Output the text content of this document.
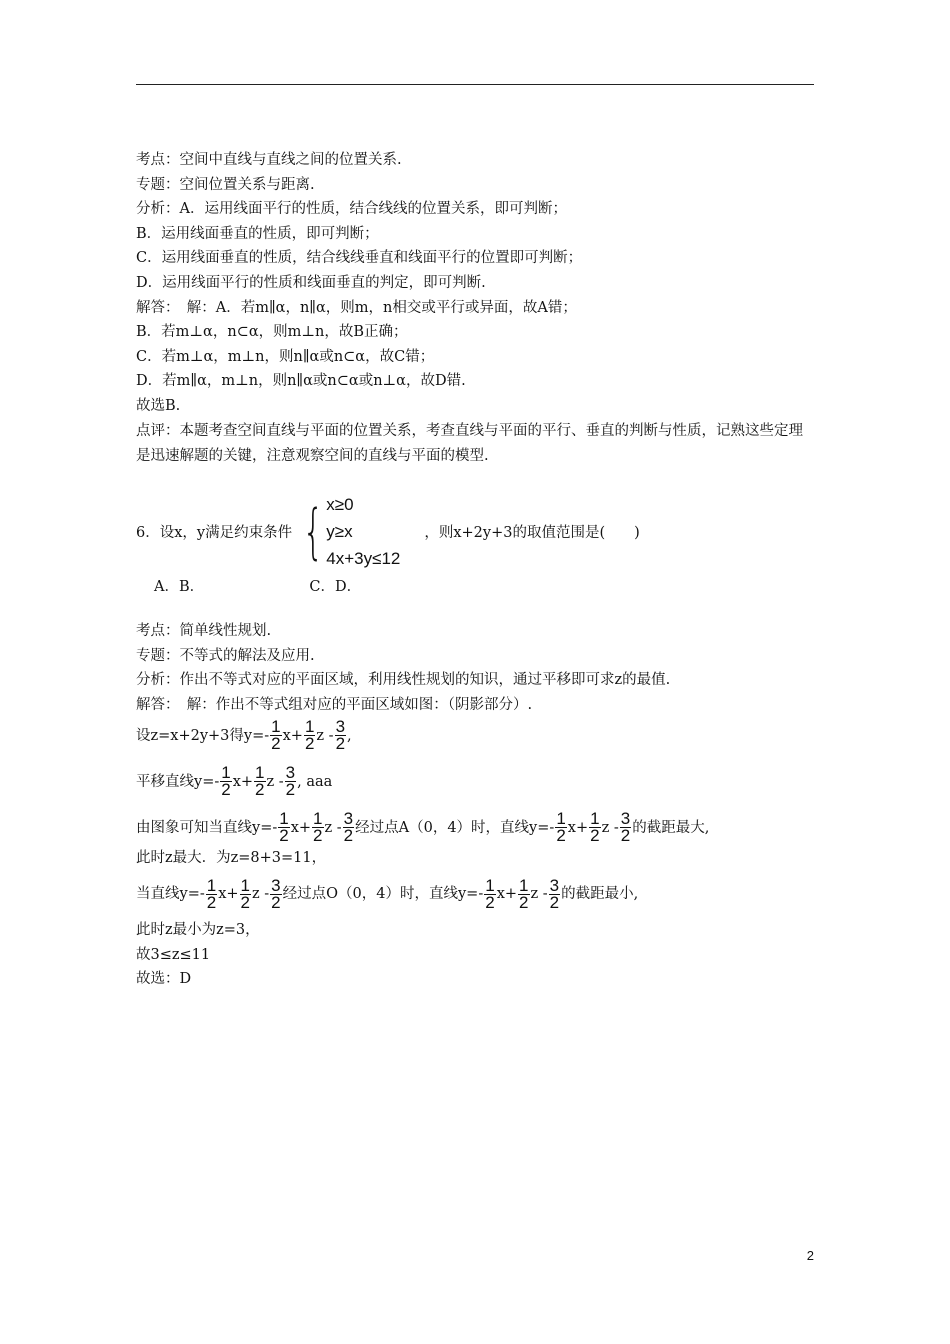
考点：空间中直线与直线之间的位置关系.
专题：空间位置关系与距离.
分析：A．运用线面平行的性质，结合线线的位置关系，即可判断；
B．运用线面垂直的性质，即可判断；
C．运用线面垂直的性质，结合线线垂直和线面平行的位置即可判断；
D．运用线面平行的性质和线面垂直的判定，即可判断.
解答：　解：A．若m∥α，n∥α，则m，n相交或平行或异面，故A错；
B．若m⊥α，n⊂α，则m⊥n，故B正确；
C．若m⊥α，m⊥n，则n∥α或n⊂α，故C错；
D．若m∥α，m⊥n，则n∥α或n⊂α或n⊥α，故D错.
故选B.
点评：本题考查空间直线与平面的位置关系，考查直线与平面的平行、垂直的判断与性质，记熟这些定理是迅速解题的关键，注意观察空间的直线与平面的模型.
6．设x，y满足约束条件 { x≥0
y≥x
4x+3y≤12
，则x+2y+3的取值范围是(　　)
A．B．	C．D．
考点：简单线性规划.
专题：不等式的解法及应用.
分析：作出不等式对应的平面区域，利用线性规划的知识，通过平移即可求z的最值.
解答：　解：作出不等式组对应的平面区域如图：（阴影部分）.
设z=x+2y+3得$y= - \frac{1}{2} x+ \frac{1}{2}$ z - $\frac{3}{2}$ ,
平移直线$y= - \frac{1}{2} x+ \frac{1}{2}$ z - $\frac{3}{2}$ , aaa
由图象可知当直线$y= - \frac{1}{2} x+ \frac{1}{2}$ z - $\frac{3}{2}$ 经过点A（0，4）时，直线$y= - \frac{1}{2} x+ \frac{1}{2}$ z - $\frac{3}{2}$ 的截距最大,
此时z最大．为z=8+3=11，
当直线$y= - \frac{1}{2} x+ \frac{1}{2}$ z - $\frac{3}{2}$ 经过点O（0，4）时，直线$y= - \frac{1}{2} x+ \frac{1}{2}$ z - $\frac{3}{2}$ 的截距最小,
此时z最小为z=3，
故3≤z≤11
故选：D
2
